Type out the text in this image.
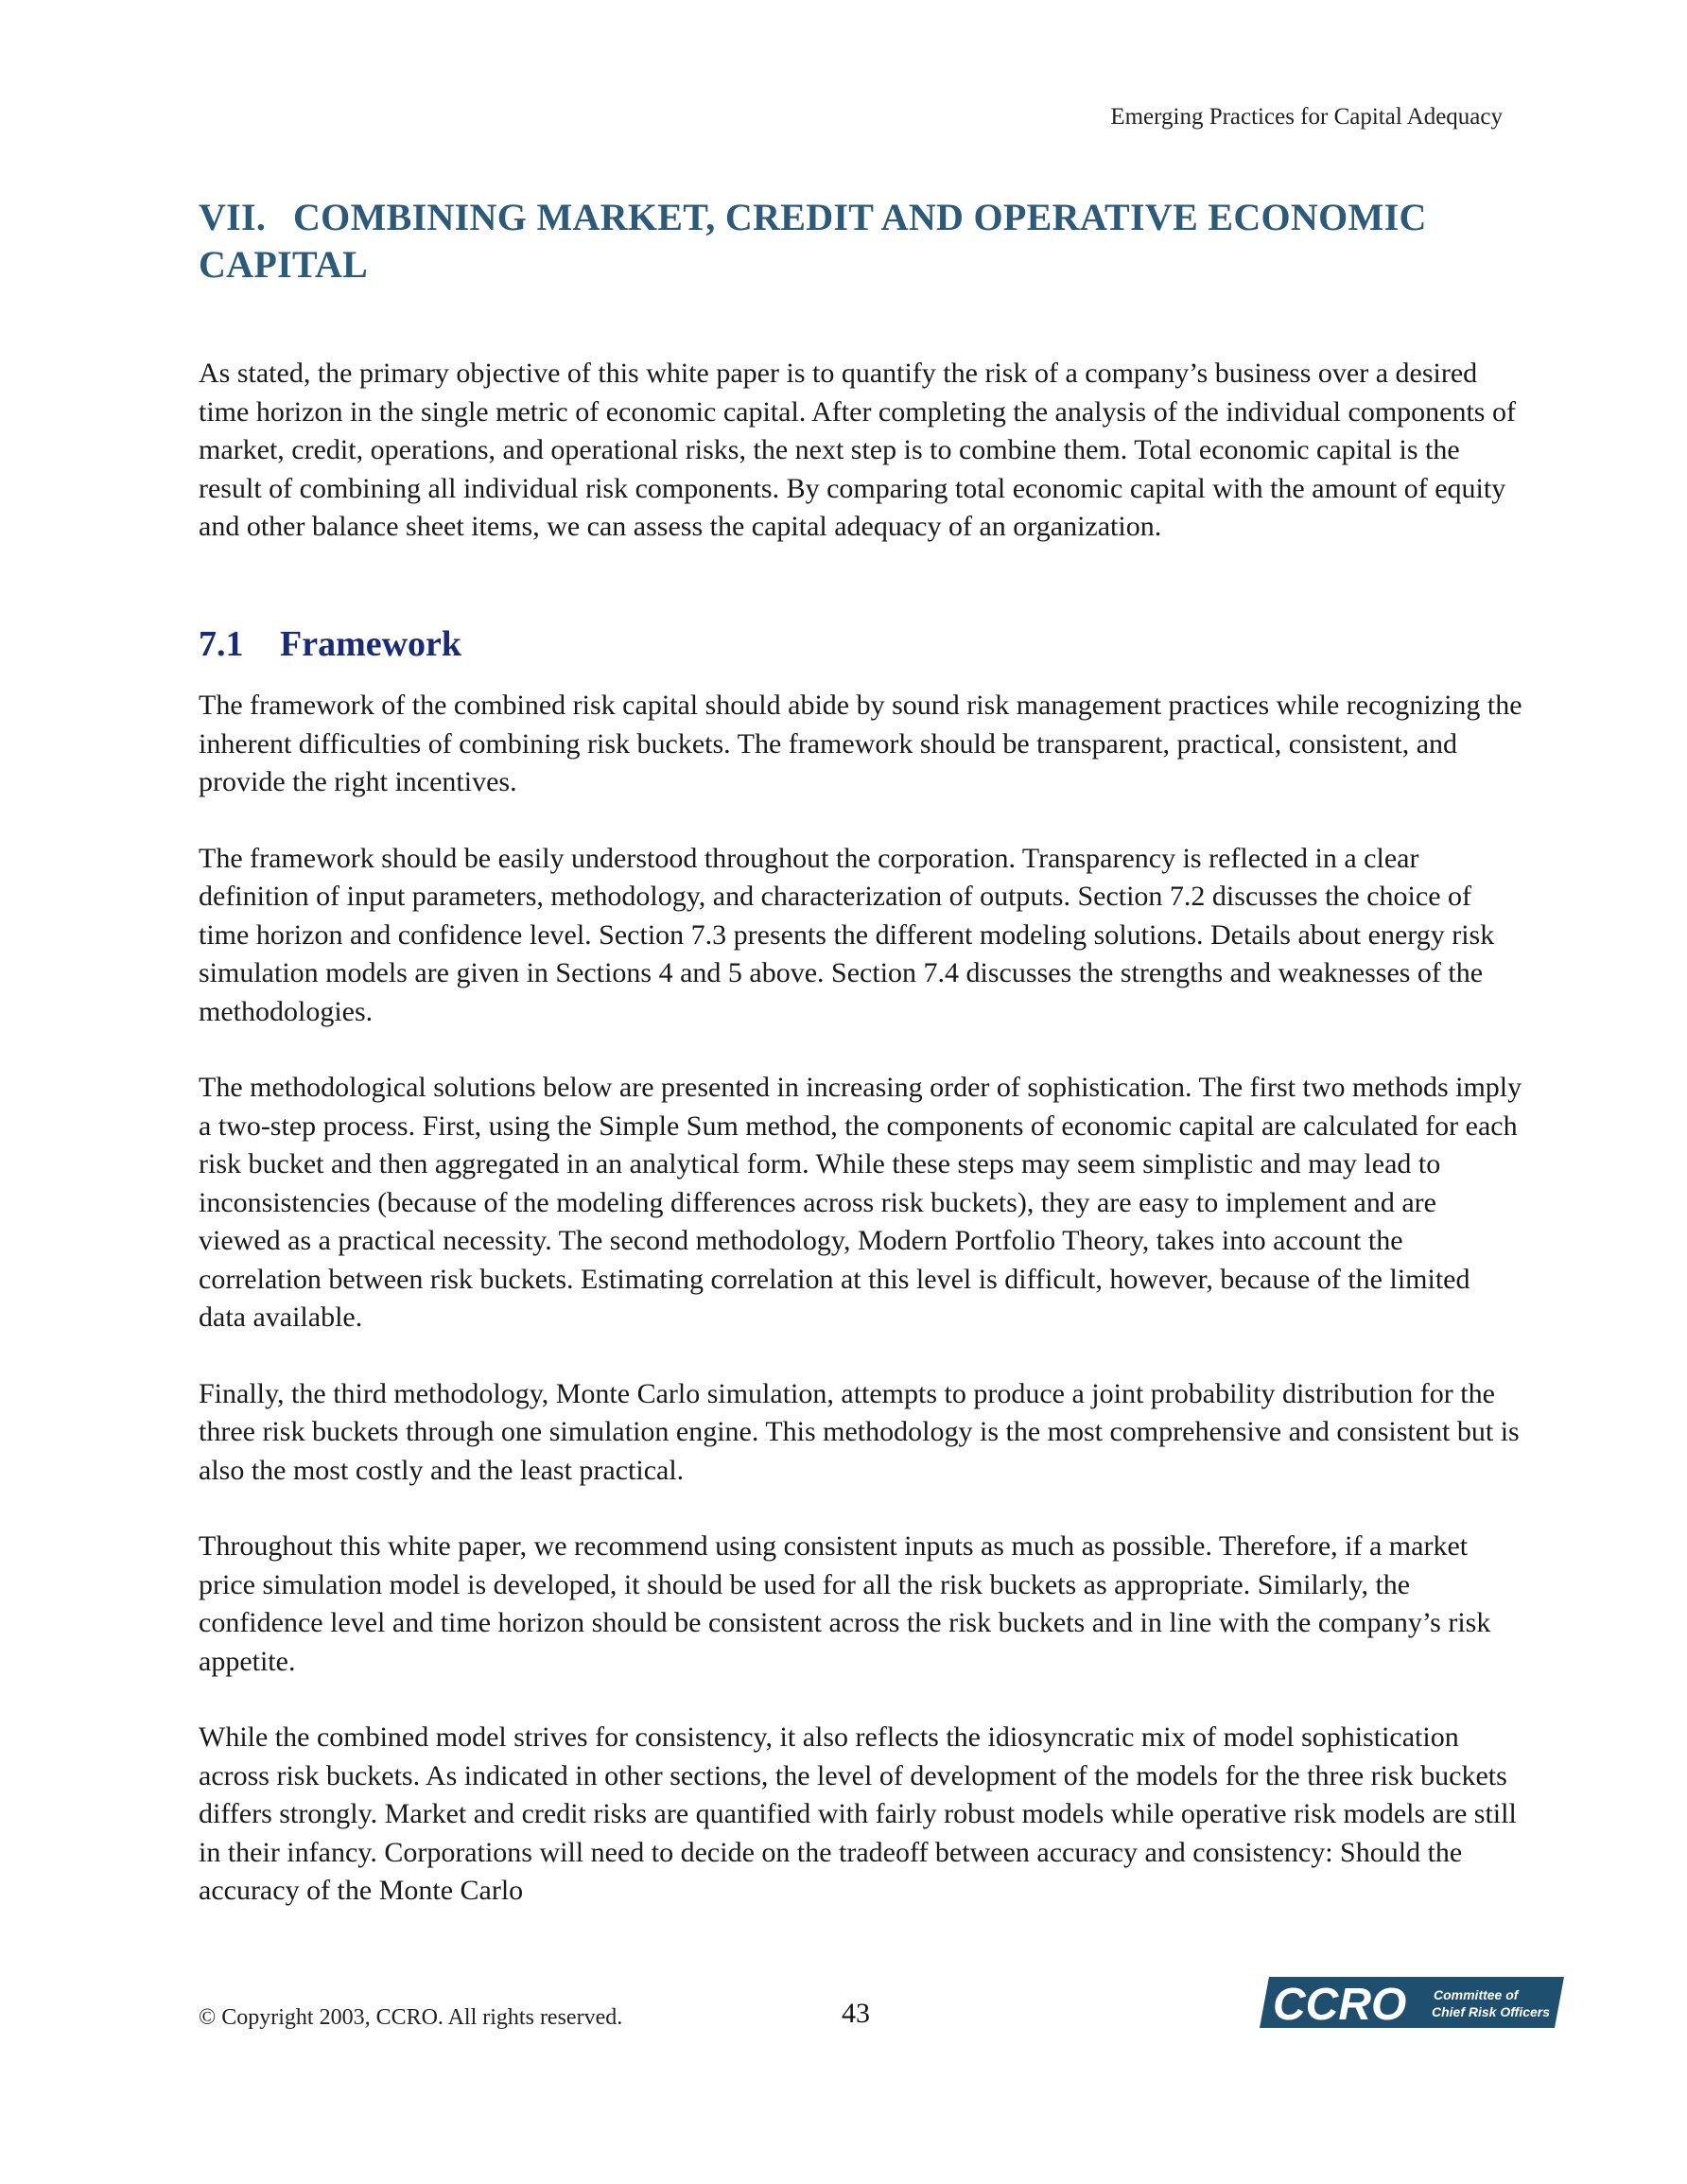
Emerging Practices for Capital Adequacy
VII. COMBINING MARKET, CREDIT AND OPERATIVE ECONOMIC CAPITAL

As stated, the primary objective of this white paper is to quantify the risk of a company’s business over a desired time horizon in the single metric of economic capital. After completing the analysis of the individual components of market, credit, operations, and operational risks, the next step is to combine them. Total economic capital is the result of combining all individual risk components. By comparing total economic capital with the amount of equity and other balance sheet items, we can assess the capital adequacy of an organization.

7.1 Framework

The framework of the combined risk capital should abide by sound risk management practices while recognizing the inherent difficulties of combining risk buckets. The framework should be transparent, practical, consistent, and provide the right incentives.

The framework should be easily understood throughout the corporation. Transparency is reflected in a clear definition of input parameters, methodology, and characterization of outputs. Section 7.2 discusses the choice of time horizon and confidence level. Section 7.3 presents the different modeling solutions. Details about energy risk simulation models are given in Sections 4 and 5 above. Section 7.4 discusses the strengths and weaknesses of the methodologies.

The methodological solutions below are presented in increasing order of sophistication. The first two methods imply a two-step process. First, using the Simple Sum method, the components of economic capital are calculated for each risk bucket and then aggregated in an analytical form. While these steps may seem simplistic and may lead to inconsistencies (because of the modeling differences across risk buckets), they are easy to implement and are viewed as a practical necessity. The second methodology, Modern Portfolio Theory, takes into account the correlation between risk buckets. Estimating correlation at this level is difficult, however, because of the limited data available.

Finally, the third methodology, Monte Carlo simulation, attempts to produce a joint probability distribution for the three risk buckets through one simulation engine. This methodology is the most comprehensive and consistent but is also the most costly and the least practical.

Throughout this white paper, we recommend using consistent inputs as much as possible. Therefore, if a market price simulation model is developed, it should be used for all the risk buckets as appropriate. Similarly, the confidence level and time horizon should be consistent across the risk buckets and in line with the company’s risk appetite.

While the combined model strives for consistency, it also reflects the idiosyncratic mix of model sophistication across risk buckets. As indicated in other sections, the level of development of the models for the three risk buckets differs strongly. Market and credit risks are quantified with fairly robust models while operative risk models are still in their infancy. Corporations will need to decide on the tradeoff between accuracy and consistency: Should the accuracy of the Monte Carlo

© Copyright 2003, CCRO. All rights reserved.	43	CCRO Committee of
Chief Risk Officers
